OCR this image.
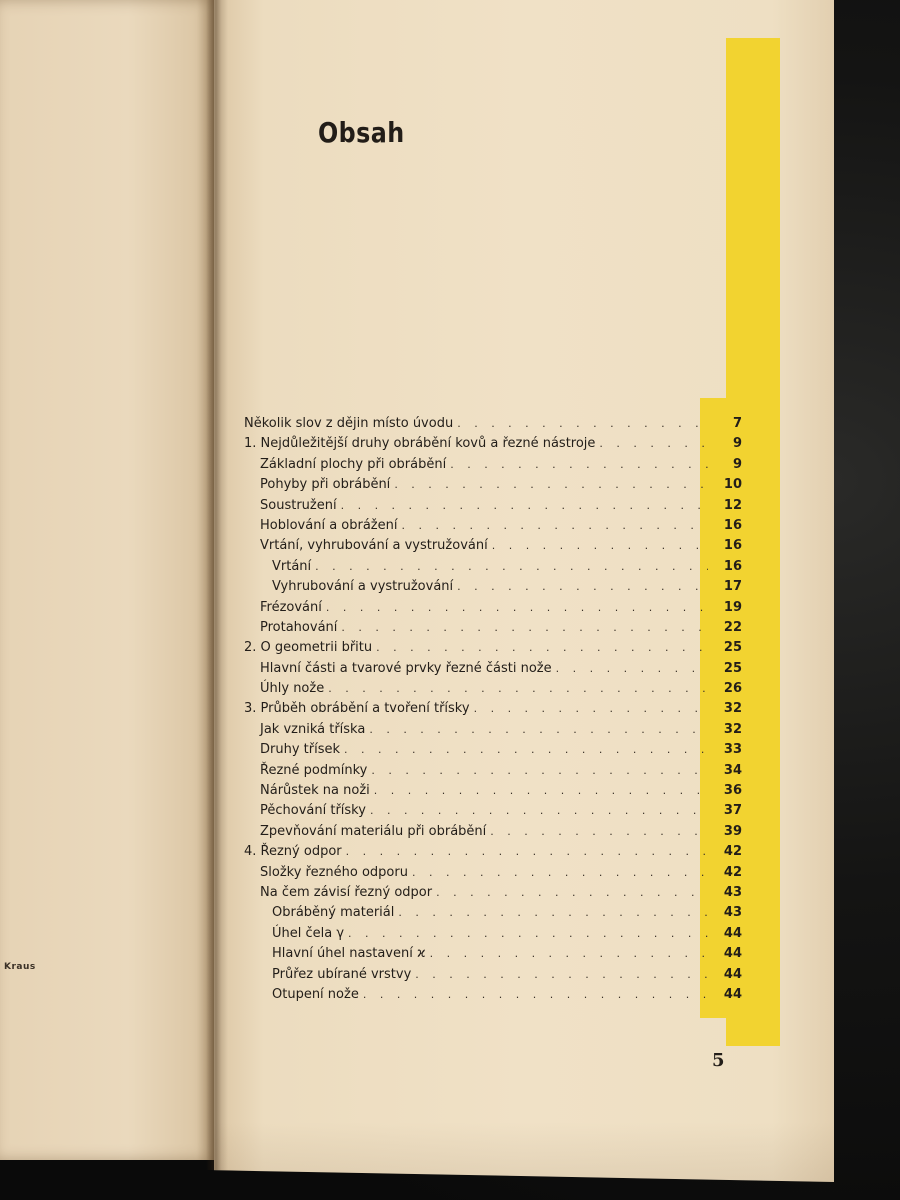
Kraus
Obsah
Několik slov z dějin místo úvodu . . .	7
1. Nejdůležitější druhy obrábění kovů a řezné nástroje . . .	9
Základní plochy při obrábění . . .	9
Pohyby při obrábění . . .	10
Soustružení . . .	12
Hoblování a obrážení . . .	16
Vrtání, vyhrubování a vystružování . . .	16
Vrtání . . .	16
Vyhrubování a vystružování . . .	17
Frézování . . .	19
Protahování . . .	22
2. O geometrii břitu . . .	25
Hlavní části a tvarové prvky řezné části nože . . .	25
Úhly nože . . .	26
3. Průběh obrábění a tvoření třísky . . .	32
Jak vzniká tříska . . .	32
Druhy třísek . . .	33
Řezné podmínky . . .	34
Nárůstek na noži . . .	36
Pěchování třísky . . .	37
Zpevňování materiálu při obrábění . . .	39
4. Řezný odpor . . .	42
Složky řezného odporu . . .	42
Na čem závisí řezný odpor . . .	43
Obráběný materiál . . .	43
Úhel čela γ . . .	44
Hlavní úhel nastavení ϰ . . .	44
Průřez ubírané vrstvy . . .	44
Otupení nože . . .	44
5
